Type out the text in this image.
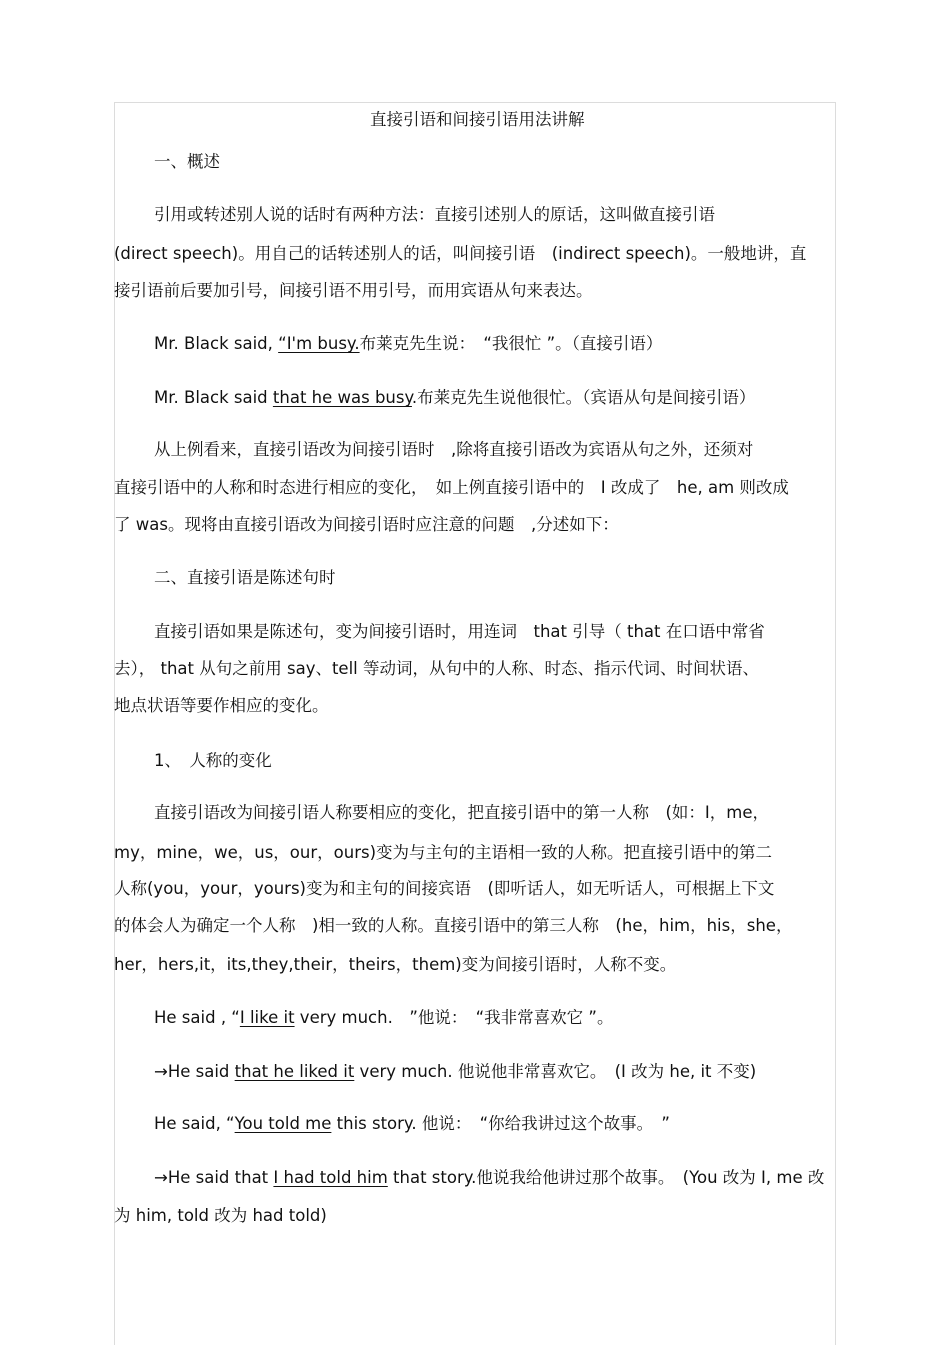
直接引语和间接引语用法讲解
一、概述
引用或转述别人说的话时有两种方法：直接引述别人的原话，这叫做直接引语
(direct speech)。用自己的话转述别人的话，叫间接引语　(indirect speech)。一般地讲，直
接引语前后要加引号，间接引语不用引号，而用宾语从句来表达。
Mr. Black said, “I'm busy.布莱克先生说：　“我很忙 ”。（直接引语）
Mr. Black said that he was busy.布莱克先生说他很忙。（宾语从句是间接引语）
从上例看来，直接引语改为间接引语时　,除将直接引语改为宾语从句之外，还须对
直接引语中的人称和时态进行相应的变化，　如上例直接引语中的　I 改成了　he, am 则改成
了 was。现将由直接引语改为间接引语时应注意的问题　,分述如下：
二、直接引语是陈述句时
直接引语如果是陈述句，变为间接引语时，用连词　that 引导（ that 在口语中常省
去）， that 从句之前用 say、tell 等动词，从句中的人称、时态、指示代词、时间状语、
地点状语等要作相应的变化。
1、　人称的变化
直接引语改为间接引语人称要相应的变化，把直接引语中的第一人称　(如：I，me，
my，mine，we，us，our，ours)变为与主句的主语相一致的人称。把直接引语中的第二
人称(you，your，yours)变为和主句的间接宾语　(即听话人，如无听话人，可根据上下文
的体会人为确定一个人称　)相一致的人称。直接引语中的第三人称　(he，him，his，she，
her，hers,it，its,they,their，theirs，them)变为间接引语时，人称不变。
He said , “I like it very much.　”他说：　“我非常喜欢它 ”。
→He said that he liked it very much. 他说他非常喜欢它。　(I 改为 he, it 不变)
He said, “You told me this story. 他说：　“你给我讲过这个故事。　”
→He said that I had told him that story.他说我给他讲过那个故事。　(You 改为 I, me 改
为 him, told 改为 had told)
